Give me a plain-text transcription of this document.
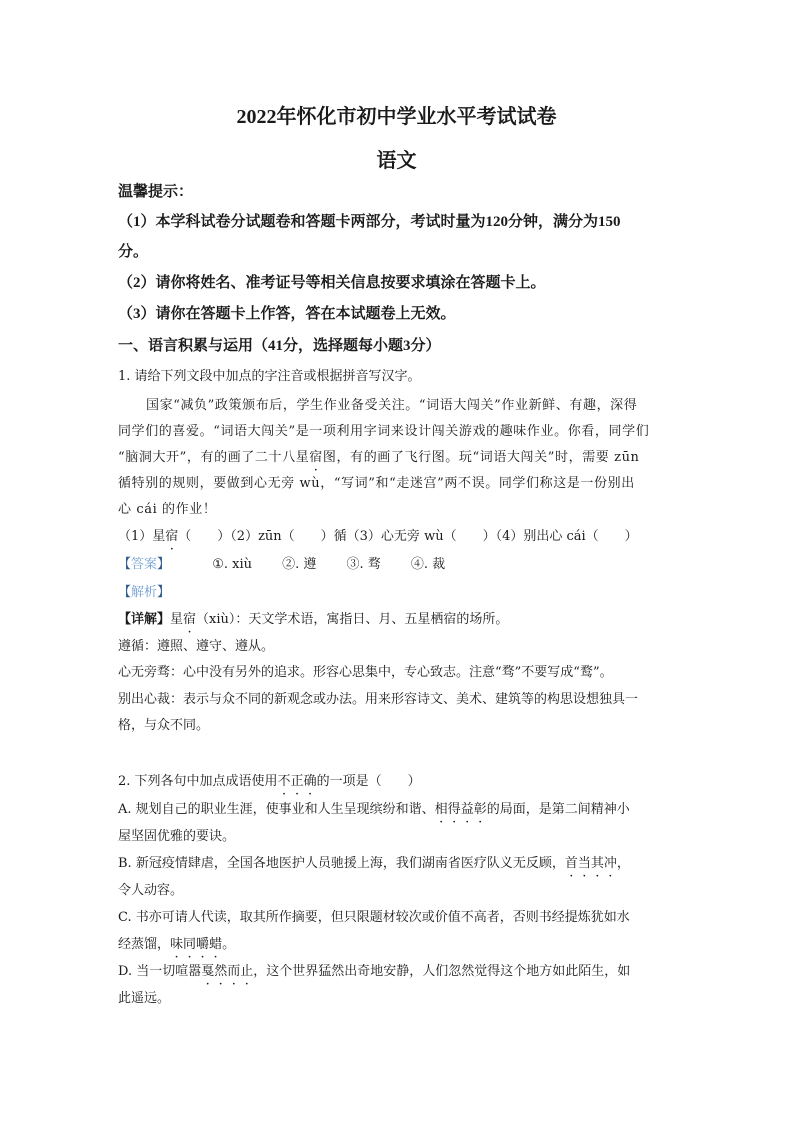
2022年怀化市初中学业水平考试试卷
语文
温馨提示：
（1）本学科试卷分试题卷和答题卡两部分，考试时量为120分钟，满分为150
分。
（2）请你将姓名、准考证号等相关信息按要求填涂在答题卡上。
（3）请你在答题卡上作答，答在本试题卷上无效。
一、语言积累与运用（41分，选择题每小题3分）
1. 请给下列文段中加点的字注音或根据拼音写汉字。
国家“减负”政策颁布后，学生作业备受关注。“词语大闯关”作业新鲜、有趣，深得
同学们的喜爱。“词语大闯关”是一项利用字词来设计闯关游戏的趣味作业。你看，同学们
“脑洞大开”，有的画了二十八星宿图，有的画了飞行图。玩“词语大闯关”时，需要 zūn
循特别的规则，要做到心无旁 wù，“写词”和“走迷宫”两不误。同学们称这是一份别出
心 cái 的作业！
（1）星宿（　　）（2）zūn（　　）循（3）心无旁 wù（　　）（4）别出心 cái（　　）
【答案】	①. xiù ②. 遵 ③. 骛 ④. 裁
【解析】
【详解】星宿（xiù）：天文学术语，寓指日、月、五星栖宿的场所。
遵循：遵照、遵守、遵从。
心无旁骛：心中没有另外的追求。形容心思集中，专心致志。注意“骛”不要写成“鹜”。
别出心裁：表示与众不同的新观念或办法。用来形容诗文、美术、建筑等的构思设想独具一
格，与众不同。
2. 下列各句中加点成语使用不正确的一项是（　　）
A. 规划自己的职业生涯，使事业和人生呈现缤纷和谐、相得益彰的局面，是第二间精神小
屋坚固优雅的要诀。
B. 新冠疫情肆虐，全国各地医护人员驰援上海，我们湖南省医疗队义无反顾，首当其冲，
令人动容。
C. 书亦可请人代读，取其所作摘要，但只限题材较次或价值不高者，否则书经提炼犹如水
经蒸馏，味同嚼蜡。
D. 当一切喧嚣戛然而止，这个世界猛然出奇地安静，人们忽然觉得这个地方如此陌生，如
此遥远。
